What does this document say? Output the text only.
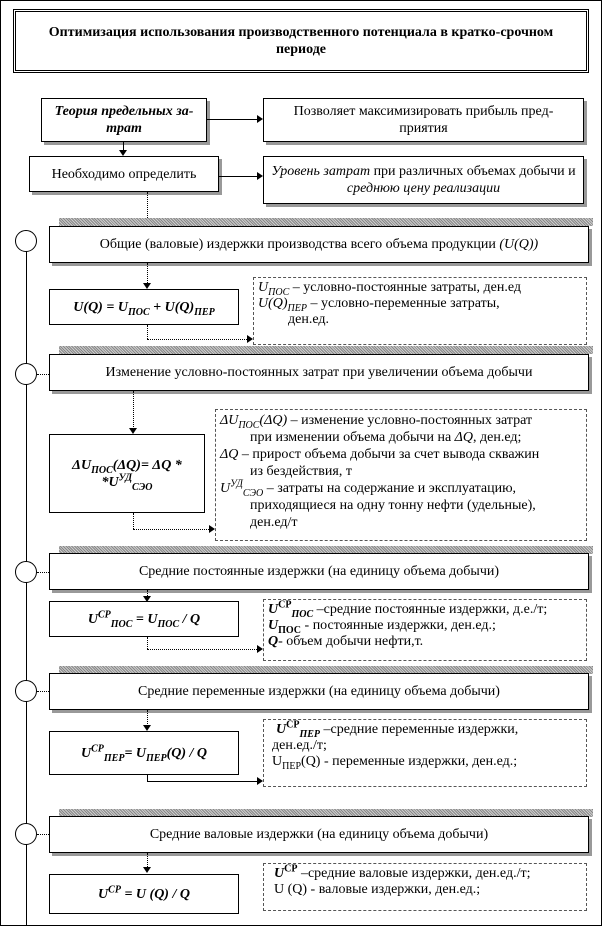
Оптимизация использования производственного потенциала в кратко-срочном периоде
Теория предельных за-трат
Позволяет максимизировать прибыль пред-приятия
Необходимо определить	Уровень затрат при различных объемах добычи и среднюю цену реализации
Общие (валовые) издержки производства всего объема продукции (U(Q))
$U(Q) = U_{ПОС} + U(Q)_{ПЕР}$
$U_{ПОС}$ – условно-постоянные затраты, ден.ед
$U(Q)_{ПЕР}$ – условно-переменные затраты,
ден.ед.
Изменение условно-постоянных затрат при увеличении объема добычи
$\Delta U_{ПОС}(\Delta Q)= \Delta Q$ *
$*U^{УД}_{СЭО}$
$\Delta U_{ПОС}(\Delta Q)$ – изменение условно-постоянных затрат
при изменении объема добычи на ΔQ, ден.ед;
ΔQ – прирост объема добычи за счет вывода скважин
из бездействия, т
$U^{УД}_{СЭО}$ – затраты на содержание и эксплуатацию,
приходящиеся на одну тонну нефти (удельные),
ден.ед/т
Средние постоянные издержки (на единицу объема добычи)
$U^{CP}_{ПОС} = U_{ПОС} / Q$
$U^{CP}_{ПОС}$ –средние постоянные издержки, д.е./т;
$U_{ПОС}$ - постоянные издержки, ден.ед.;
Q- объем добычи нефти,т.
Средние переменные издержки (на единицу объема добычи)
$U^{CP}_{ПЕР}= U_{ПЕР}(Q) / Q$
$U^{CP}_{ПЕР}$ –средние переменные издержки,
ден.ед./т;
$U_{ПЕР}(Q)$ - переменные издержки, ден.ед.;
Средние валовые издержки (на единицу объема добычи)
$U^{CP} = U$ (Q) / Q
$U^{CP}$ –средние валовые издержки, ден.ед./т;
U (Q) - валовые издержки, ден.ед.;
